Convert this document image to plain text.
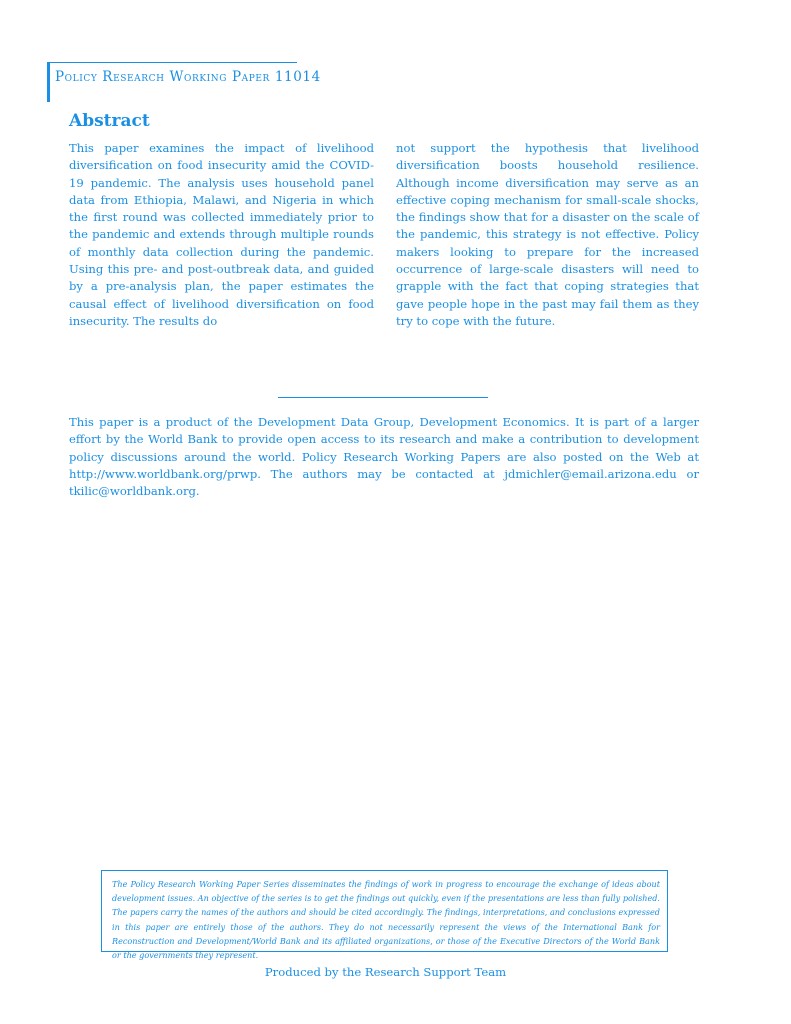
Policy Research Working Paper 11014
Abstract

This paper examines the impact of livelihood diversification on food insecurity amid the COVID-19 pandemic. The analysis uses household panel data from Ethiopia, Malawi, and Nigeria in which the first round was collected immediately prior to the pandemic and extends through multiple rounds of monthly data collection during the pandemic. Using this pre- and post-outbreak data, and guided by a pre-analysis plan, the paper estimates the causal effect of livelihood diversification on food insecurity. The results do

not support the hypothesis that livelihood diversification boosts household resilience. Although income diversification may serve as an effective coping mechanism for small-scale shocks, the findings show that for a disaster on the scale of the pandemic, this strategy is not effective. Policy makers looking to prepare for the increased occurrence of large-scale disasters will need to grapple with the fact that coping strategies that gave people hope in the past may fail them as they try to cope with the future.

This paper is a product of the Development Data Group, Development Economics. It is part of a larger effort by the World Bank to provide open access to its research and make a contribution to development policy discussions around the world. Policy Research Working Papers are also posted on the Web at http://www.worldbank.org/prwp. The authors may be contacted at jdmichler@email.arizona.edu or tkilic@worldbank.org.

The Policy Research Working Paper Series disseminates the findings of work in progress to encourage the exchange of ideas about development issues. An objective of the series is to get the findings out quickly, even if the presentations are less than fully polished. The papers carry the names of the authors and should be cited accordingly. The findings, interpretations, and conclusions expressed in this paper are entirely those of the authors. They do not necessarily represent the views of the International Bank for Reconstruction and Development/World Bank and its affiliated organizations, or those of the Executive Directors of the World Bank or the governments they represent.

Produced by the Research Support Team
